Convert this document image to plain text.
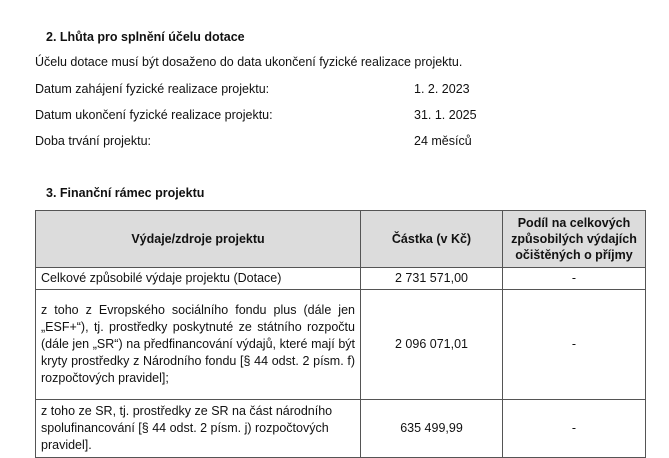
2. Lhůta pro splnění účelu dotace
Účelu dotace musí být dosaženo do data ukončení fyzické realizace projektu.
Datum zahájení fyzické realizace projektu:	1. 2. 2023
Datum ukončení fyzické realizace projektu:	31. 1. 2025
Doba trvání projektu:	24 měsíců
3. Finanční rámec projektu
Výdaje/zdroje projektu	Částka (v Kč)	Podíl na celkových způsobilých výdajích očištěných o příjmy
Celkové způsobilé výdaje projektu (Dotace)	2 731 571,00	-
z toho z Evropského sociálního fondu plus (dále jen „ESF+“), tj. prostředky poskytnuté ze státního rozpočtu (dále jen „SR“) na předfinancování výdajů, které mají být kryty prostředky z Národního fondu [§ 44 odst. 2 písm. f) rozpočtových pravidel];	2 096 071,01	-
z toho ze SR, tj. prostředky ze SR na část národního spolufinancování [§ 44 odst. 2 písm. j) rozpočtových pravidel].	635 499,99	-
